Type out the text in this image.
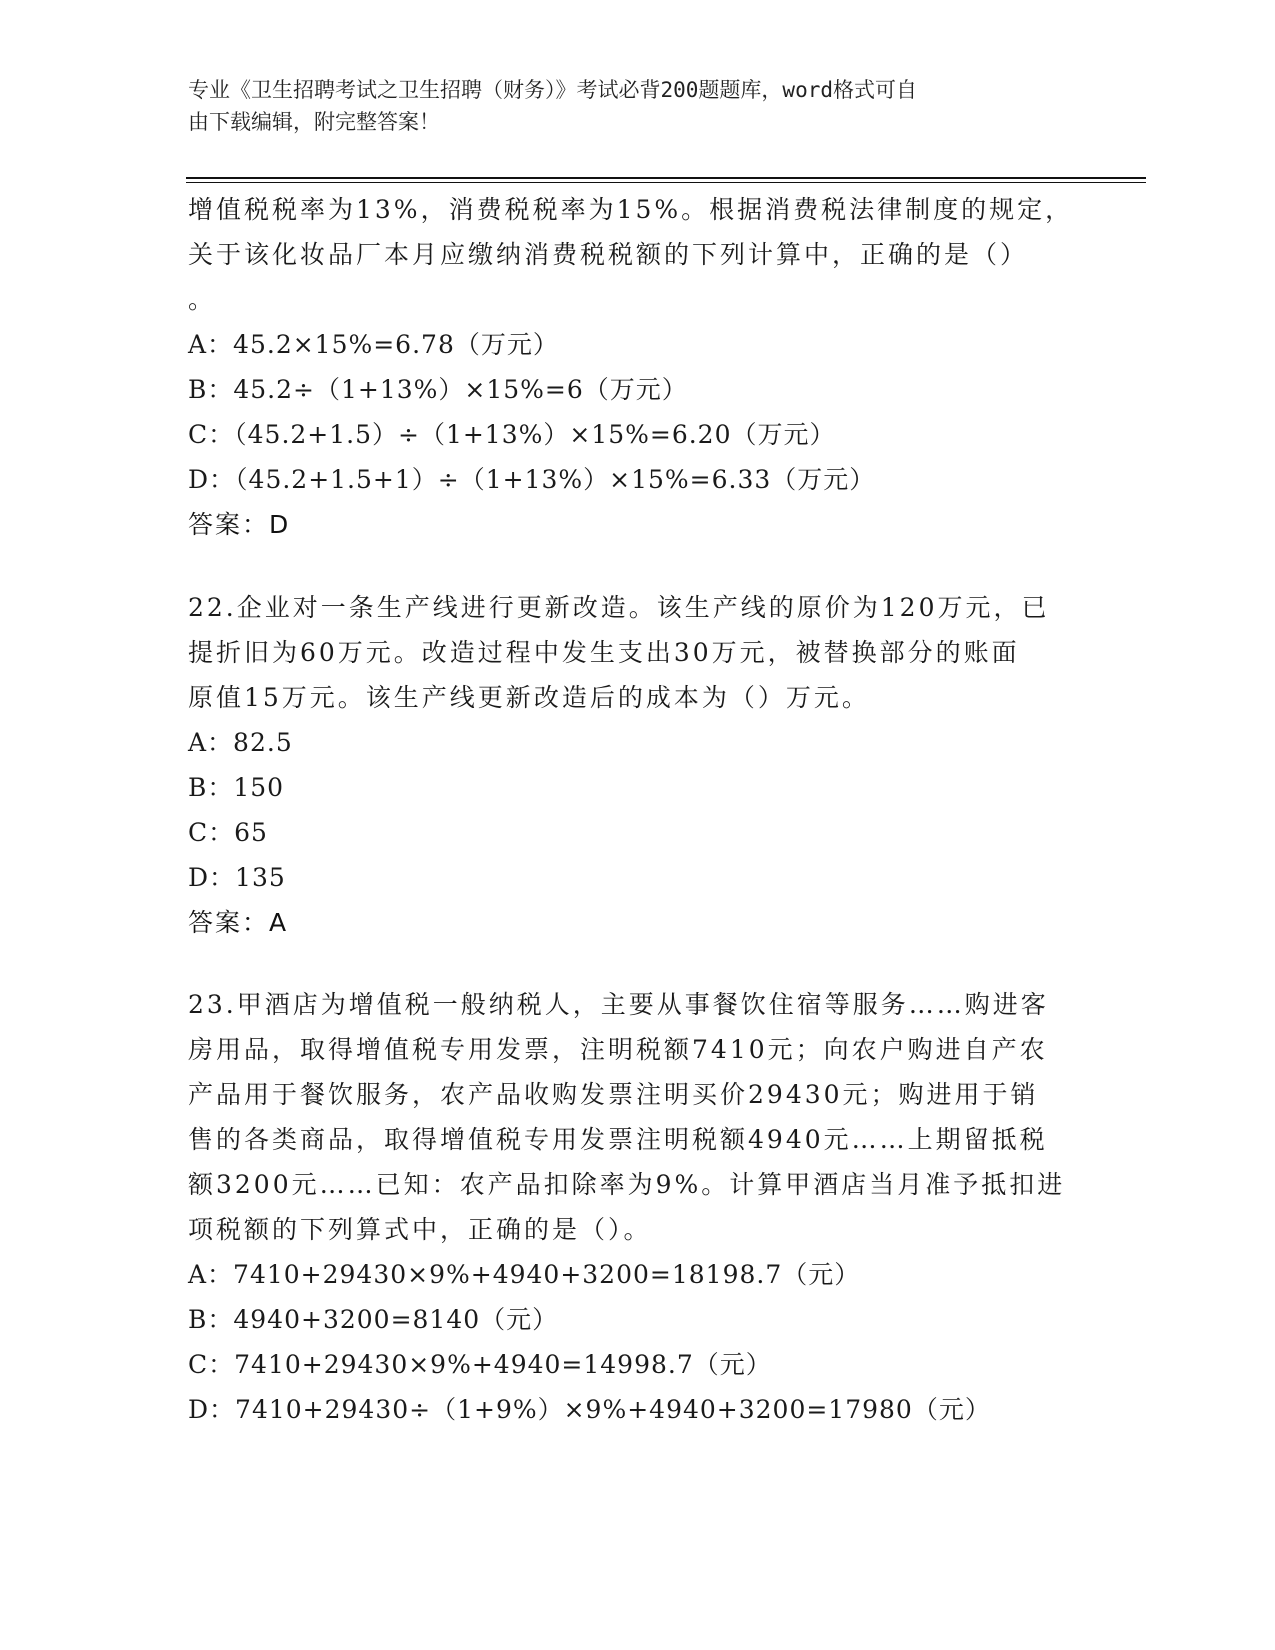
专业《卫生招聘考试之卫生招聘（财务）》考试必背200题题库，word格式可自
由下载编辑，附完整答案！
增值税税率为13%，消费税税率为15%。根据消费税法律制度的规定，
关于该化妆品厂本月应缴纳消费税税额的下列计算中，正确的是（）
。
A：45.2×15%=6.78（万元）
B：45.2÷（1+13%）×15%=6（万元）
C：（45.2+1.5）÷（1+13%）×15%=6.20（万元）
D：（45.2+1.5+1）÷（1+13%）×15%=6.33（万元）
答案：D
22.企业对一条生产线进行更新改造。该生产线的原价为120万元，已
提折旧为60万元。改造过程中发生支出30万元，被替换部分的账面
原值15万元。该生产线更新改造后的成本为（）万元。
A：82.5
B：150
C：65
D：135
答案：A
23.甲酒店为增值税一般纳税人，主要从事餐饮住宿等服务……购进客
房用品，取得增值税专用发票，注明税额7410元；向农户购进自产农
产品用于餐饮服务，农产品收购发票注明买价29430元；购进用于销
售的各类商品，取得增值税专用发票注明税额4940元……上期留抵税
额3200元……已知：农产品扣除率为9%。计算甲酒店当月准予抵扣进
项税额的下列算式中，正确的是（）。
A：7410+29430×9%+4940+3200=18198.7（元）
B：4940+3200=8140（元）
C：7410+29430×9%+4940=14998.7（元）
D：7410+29430÷（1+9%）×9%+4940+3200=17980（元）
